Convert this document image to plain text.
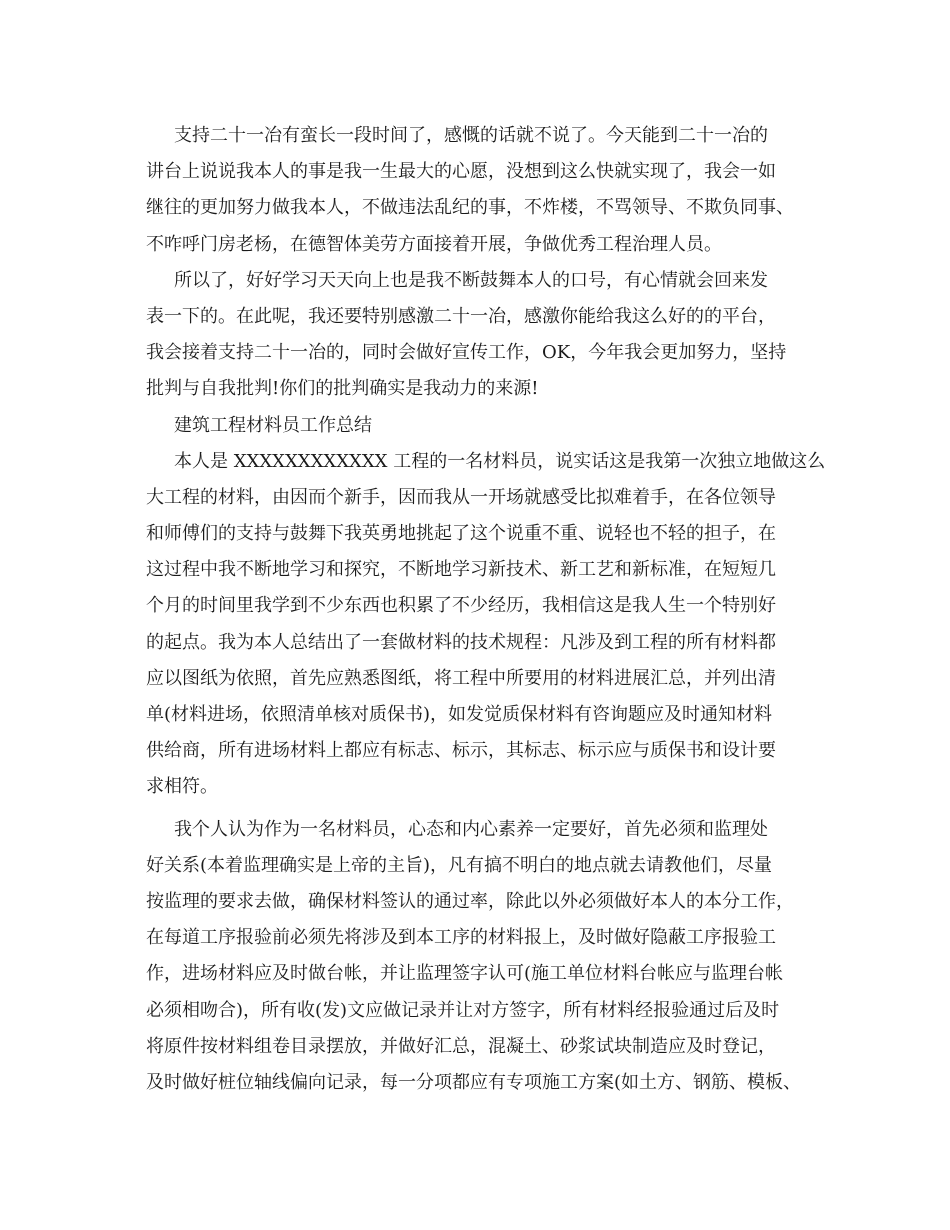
支持二十一冶有蛮长一段时间了，感慨的话就不说了。今天能到二十一冶的
讲台上说说我本人的事是我一生最大的心愿，没想到这么快就实现了，我会一如
继往的更加努力做我本人，不做违法乱纪的事，不炸楼，不骂领导、不欺负同事、
不咋呼门房老杨，在德智体美劳方面接着开展，争做优秀工程治理人员。
所以了，好好学习天天向上也是我不断鼓舞本人的口号，有心情就会回来发
表一下的。在此呢，我还要特别感激二十一冶，感激你能给我这么好的的平台，
我会接着支持二十一冶的，同时会做好宣传工作，OK，今年我会更加努力，坚持
批判与自我批判!你们的批判确实是我动力的来源!
建筑工程材料员工作总结
本人是 XXXXXXXXXXXX 工程的一名材料员，说实话这是我第一次独立地做这么
大工程的材料，由因而个新手，因而我从一开场就感受比拟难着手，在各位领导
和师傅们的支持与鼓舞下我英勇地挑起了这个说重不重、说轻也不轻的担子，在
这过程中我不断地学习和探究，不断地学习新技术、新工艺和新标准，在短短几
个月的时间里我学到不少东西也积累了不少经历，我相信这是我人生一个特别好
的起点。我为本人总结出了一套做材料的技术规程：凡涉及到工程的所有材料都
应以图纸为依照，首先应熟悉图纸，将工程中所要用的材料进展汇总，并列出清
单(材料进场，依照清单核对质保书)，如发觉质保材料有咨询题应及时通知材料
供给商，所有进场材料上都应有标志、标示，其标志、标示应与质保书和设计要
求相符。
我个人认为作为一名材料员，心态和内心素养一定要好，首先必须和监理处
好关系(本着监理确实是上帝的主旨)，凡有搞不明白的地点就去请教他们，尽量
按监理的要求去做，确保材料签认的通过率，除此以外必须做好本人的本分工作，
在每道工序报验前必须先将涉及到本工序的材料报上，及时做好隐蔽工序报验工
作，进场材料应及时做台帐，并让监理签字认可(施工单位材料台帐应与监理台帐
必须相吻合)，所有收(发)文应做记录并让对方签字，所有材料经报验通过后及时
将原件按材料组卷目录摆放，并做好汇总，混凝土、砂浆试块制造应及时登记，
及时做好桩位轴线偏向记录，每一分项都应有专项施工方案(如土方、钢筋、模板、
